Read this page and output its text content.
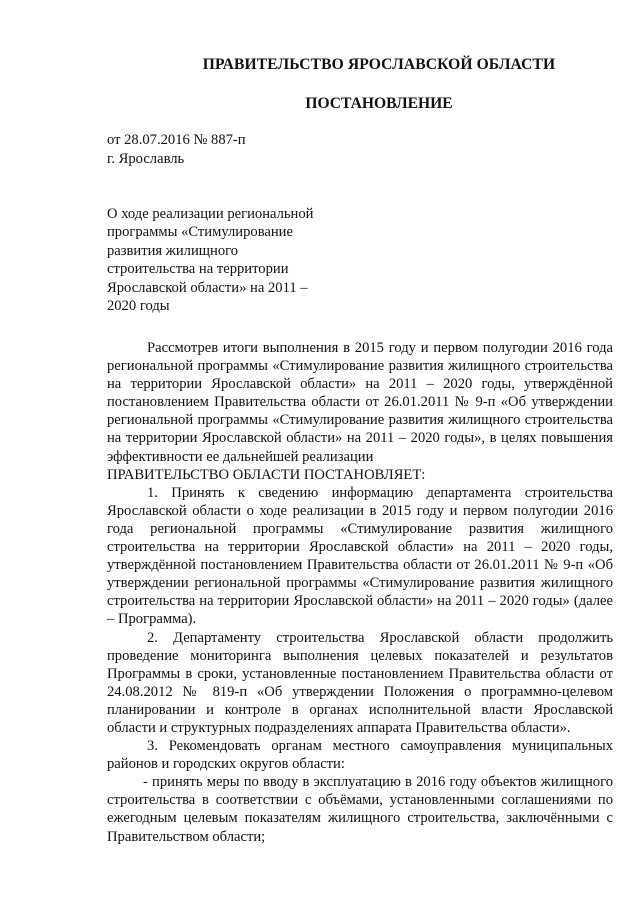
ПРАВИТЕЛЬСТВО ЯРОСЛАВСКОЙ ОБЛАСТИ
ПОСТАНОВЛЕНИЕ
от 28.07.2016 № 887-п
г. Ярославль
О ходе реализации региональной
программы «Стимулирование
развития жилищного
строительства на территории
Ярославской области» на 2011 –
2020 годы

Рассмотрев итоги выполнения в 2015 году и первом полугодии 2016 года региональной программы «Стимулирование развития жилищного строительства на территории Ярославской области» на 2011 – 2020 годы, утверждённой постановлением Правительства области от 26.01.2011 № 9-п «Об утверждении региональной программы «Стимулирование развития жилищного строительства на территории Ярославской области» на 2011 – 2020 годы», в целях повышения эффективности ее дальнейшей реализации

ПРАВИТЕЛЬСТВО ОБЛАСТИ ПОСТАНОВЛЯЕТ:

1. Принять к сведению информацию департамента строительства Ярославской области о ходе реализации в 2015 году и первом полугодии 2016 года региональной программы «Стимулирование развития жилищного строительства на территории Ярославской области» на 2011 – 2020 годы, утверждённой постановлением Правительства области от 26.01.2011 № 9-п «Об утверждении региональной программы «Стимулирование развития жилищного строительства на территории Ярославской области» на 2011 – 2020 годы» (далее – Программа).

2. Департаменту строительства Ярославской области продолжить проведение мониторинга выполнения целевых показателей и результатов Программы в сроки, установленные постановлением Правительства области от 24.08.2012 № 819-п «Об утверждении Положения о программно-целевом планировании и контроле в органах исполнительной власти Ярославской области и структурных подразделениях аппарата Правительства области».

3. Рекомендовать органам местного самоуправления муниципальных районов и городских округов области:

- принять меры по вводу в эксплуатацию в 2016 году объектов жилищного строительства в соответствии с объёмами, установленными соглашениями по ежегодным целевым показателям жилищного строительства, заключёнными с Правительством области;
